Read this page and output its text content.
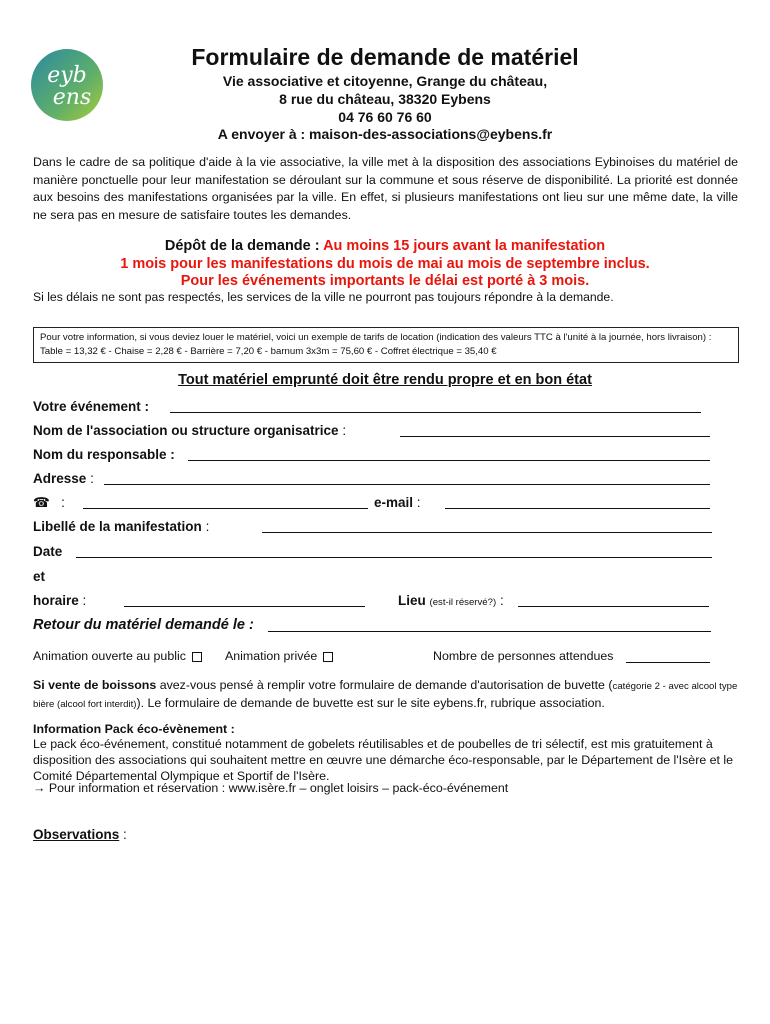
eyb
ens
Formulaire de demande de matériel
Vie associative et citoyenne, Grange du château,
8 rue du château, 38320 Eybens
04 76 60 76 60
A envoyer à : maison-des-associations@eybens.fr
Dans le cadre de sa politique d'aide à la vie associative, la ville met à la disposition des associations Eybinoises du matériel de manière ponctuelle pour leur manifestation se déroulant sur la commune et sous réserve de disponibilité. La priorité est donnée aux besoins des manifestations organisées par la ville. En effet, si plusieurs manifestations ont lieu sur une même date, la ville ne sera pas en mesure de satisfaire toutes les demandes.
Dépôt de la demande : Au moins 15 jours avant la manifestation
1 mois pour les manifestations du mois de mai au mois de septembre inclus.
Pour les événements importants le délai est porté à 3 mois.
Si les délais ne sont pas respectés, les services de la ville ne pourront pas toujours répondre à la demande.
Pour votre information, si vous deviez louer le matériel, voici un exemple de tarifs de location (indication des valeurs TTC à l'unité à la journée, hors livraison) : Table = 13,32 € - Chaise = 2,28 € - Barrière = 7,20 € - barnum 3x3m = 75,60 € - Coffret électrique = 35,40 €
Tout matériel emprunté doit être rendu propre et en bon état
Votre événement :
Nom de l'association ou structure organisatrice :
Nom du responsable :
Adresse :
☎ :	e-mail :
Libellé de la manifestation :
Date
et
horaire :	Lieu (est-il réservé?) :
Retour du matériel demandé le :
Animation ouverte au public	Animation privée	Nombre de personnes attendues
Si vente de boissons avez-vous pensé à remplir votre formulaire de demande d'autorisation de buvette (catégorie 2 - avec alcool type bière (alcool fort interdit)). Le formulaire de demande de buvette est sur le site eybens.fr, rubrique association.
Information Pack éco-évènement :
Le pack éco-événement, constitué notamment de gobelets réutilisables et de poubelles de tri sélectif, est mis gratuitement à disposition des associations qui souhaitent mettre en œuvre une démarche éco-responsable, par le Département de l'Isère et le Comité Départemental Olympique et Sportif de l'Isère.
→ Pour information et réservation : www.isère.fr – onglet loisirs – pack-éco-événement
Observations :
